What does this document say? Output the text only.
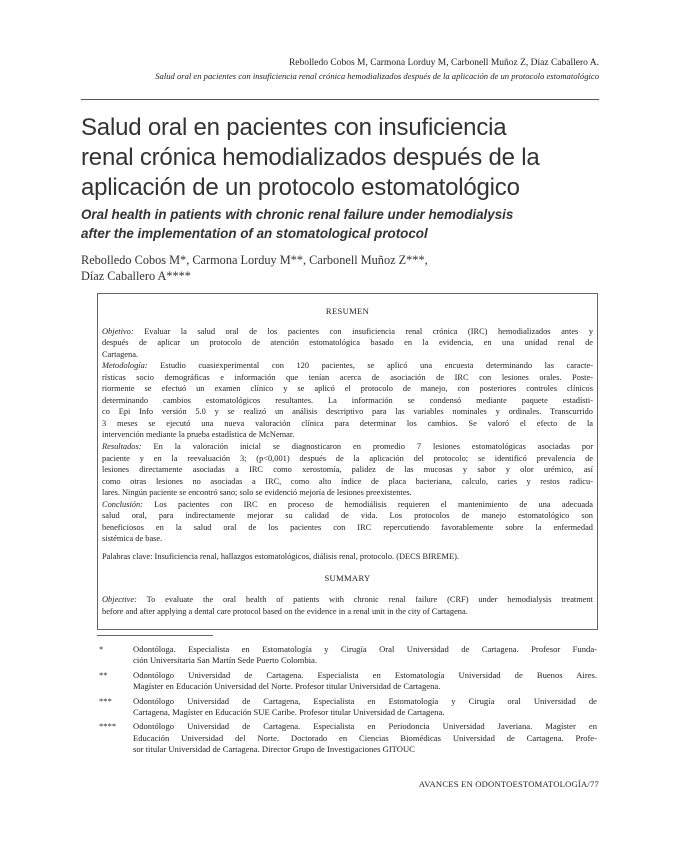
Rebolledo Cobos M, Carmona Lorduy M, Carbonell Muñoz Z, Díaz Caballero A.
Salud oral en pacientes con insuficiencia renal crónica hemodializados después de la aplicación de un protocolo estomatológico
Salud oral en pacientes con insuficiencia
renal crónica hemodializados después de la
aplicación de un protocolo estomatológico
Oral health in patients with chronic renal failure under hemodialysis
after the implementation of an stomatological protocol
Rebolledo Cobos M*, Carmona Lorduy M**, Carbonell Muñoz Z***,
Díaz Caballero A****
RESUMEN
Objetivo: Evaluar la salud oral de los pacientes con insuficiencia renal crónica (IRC) hemodializados antes y
después de aplicar un protocolo de atención estomatológica basado en la evidencia, en una unidad renal de
Cartagena.
Metodología: Estudio cuasiexperimental con 120 pacientes, se aplicó una encuesta determinando las caracte-
rísticas socio demográficas e información que tenían acerca de asociación de IRC con lesiones orales. Poste-
riormente se efectuó un examen clínico y se aplicó el protocolo de manejo, con posteriores controles clínicos
determinando cambios estomatológicos resultantes. La información se condensó mediante paquete estadísti-
co Epi Info versión 5.0 y se realizó un análisis descriptivo para las variables nominales y ordinales. Transcurrido
3 meses se ejecutó una nueva valoración clínica para determinar los cambios. Se valoró el efecto de la
intervención mediante la prueba estadística de McNemar.
Resultados: En la valoración inicial se diagnosticaron en promedio 7 lesiones estomatológicas asociadas por
paciente y en la reevaluación 3; (p<0,001) después de la aplicación del protocolo; se identificó prevalencia de
lesiones directamente asociadas a IRC como xerostomía, palidez de las mucosas y sabor y olor urémico, así
como otras lesiones no asociadas a IRC, como alto índice de placa bacteriana, calculo, caries y restos radicu-
lares. Ningún paciente se encontró sano; solo se evidenció mejoría de lesiones preexistentes.
Conclusión: Los pacientes con IRC en proceso de hemodiálisis requieren el mantenimiento de una adecuada
salud oral, para indirectamente mejorar su calidad de vida. Los protocolos de manejo estomatológico son
beneficiosos en la salud oral de los pacientes con IRC repercutiendo favorablemente sobre la enfermedad
sistémica de base.
Palabras clave: Insuficiencia renal, hallazgos estomatológicos, diálisis renal, protocolo. (DECS BIREME).
SUMMARY
Objective: To evaluate the oral health of patients with chronic renal failure (CRF) under hemodialysis treatment
before and after applying a dental care protocol based on the evidence in a renal unit in the city of Cartagena.
*	Odontóloga. Especialista en Estomatología y Cirugía Oral Universidad de Cartagena. Profesor Funda-
ción Universitaria San Martín Sede Puerto Colombia.
**	Odontólogo Universidad de Cartagena. Especialista en Estomatología Universidad de Buenos Aires.
Magíster en Educación Universidad del Norte. Profesor titular Universidad de Cartagena.
*** Odontólogo Universidad de Cartagena, Especialista en Estomatología y Cirugía oral Universidad de
Cartagena, Magíster en Educación SUE Caribe. Profesor titular Universidad de Cartagena.
**** Odontólogo Universidad de Cartagena. Especialista en Periodoncia Universidad Javeriana. Magíster en
Educación Universidad del Norte. Doctorado en Ciencias Biomédicas Universidad de Cartagena. Profe-
sor titular Universidad de Cartagena. Director Grupo de Investigaciones GITOUC
AVANCES EN ODONTOESTOMATOLOGÍA/77
